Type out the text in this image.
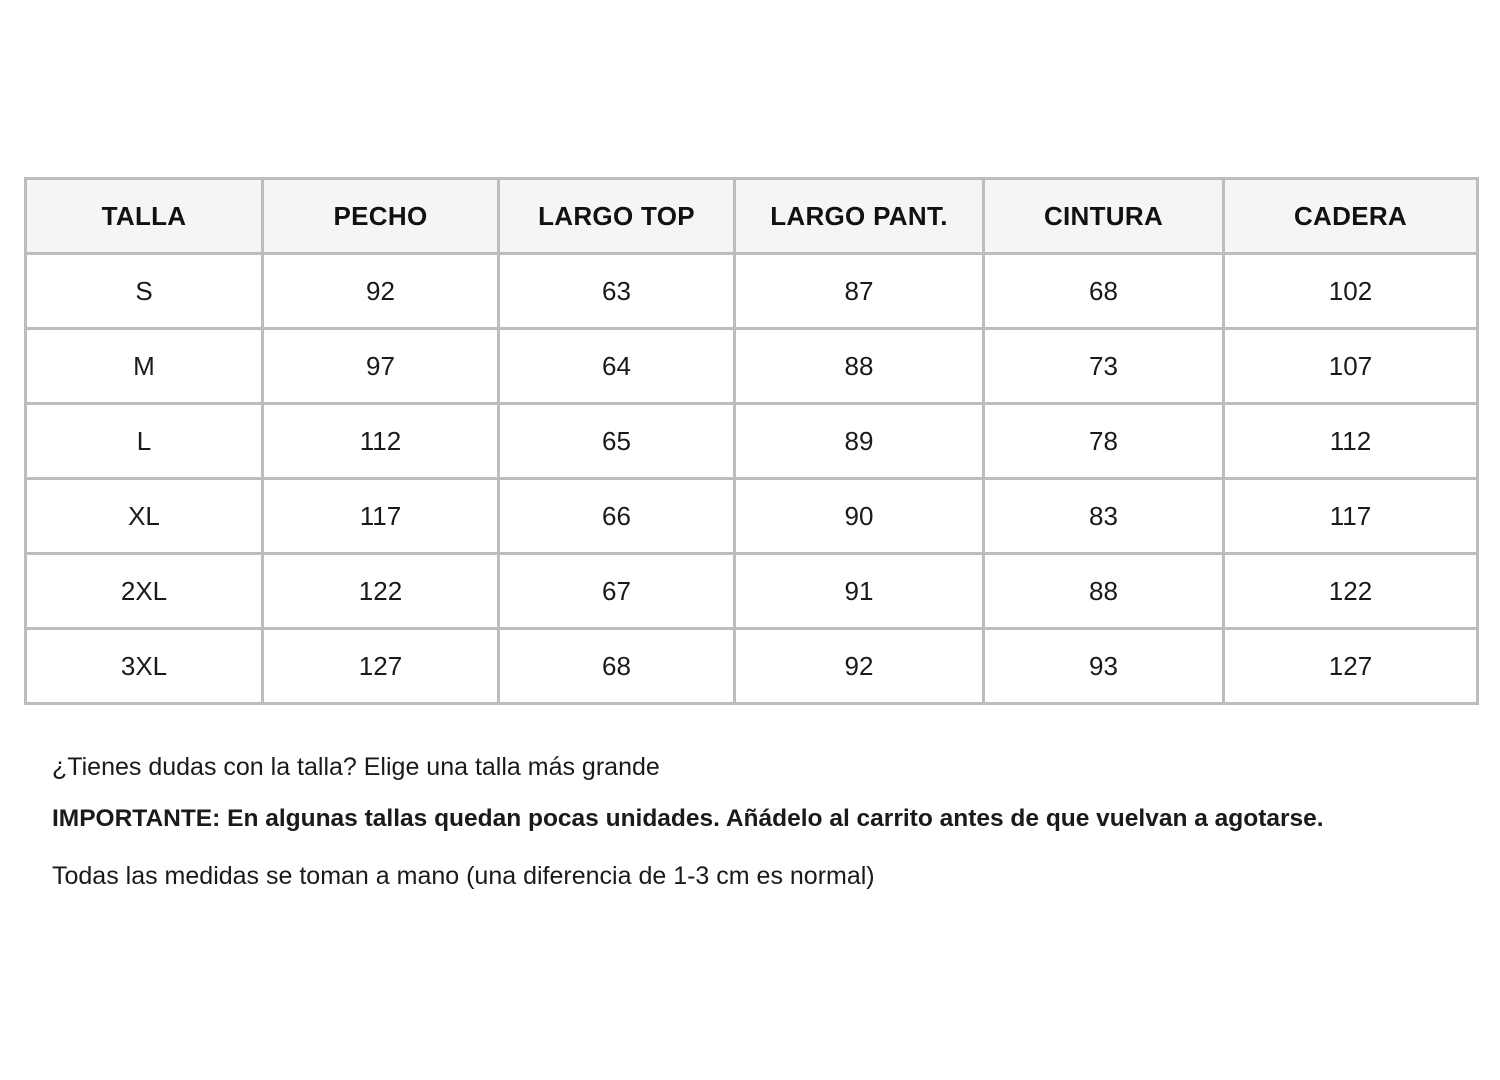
TALLA	PECHO	LARGO TOP	LARGO PANT.	CINTURA	CADERA
S	92	63	87	68	102
M	97	64	88	73	107
L	112	65	89	78	112
XL	117	66	90	83	117
2XL	122	67	91	88	122
3XL	127	68	92	93	127

¿Tienes dudas con la talla? Elige una talla más grande

IMPORTANTE: En algunas tallas quedan pocas unidades. Añádelo al carrito antes de que vuelvan a agotarse.

Todas las medidas se toman a mano (una diferencia de 1-3 cm es normal)
